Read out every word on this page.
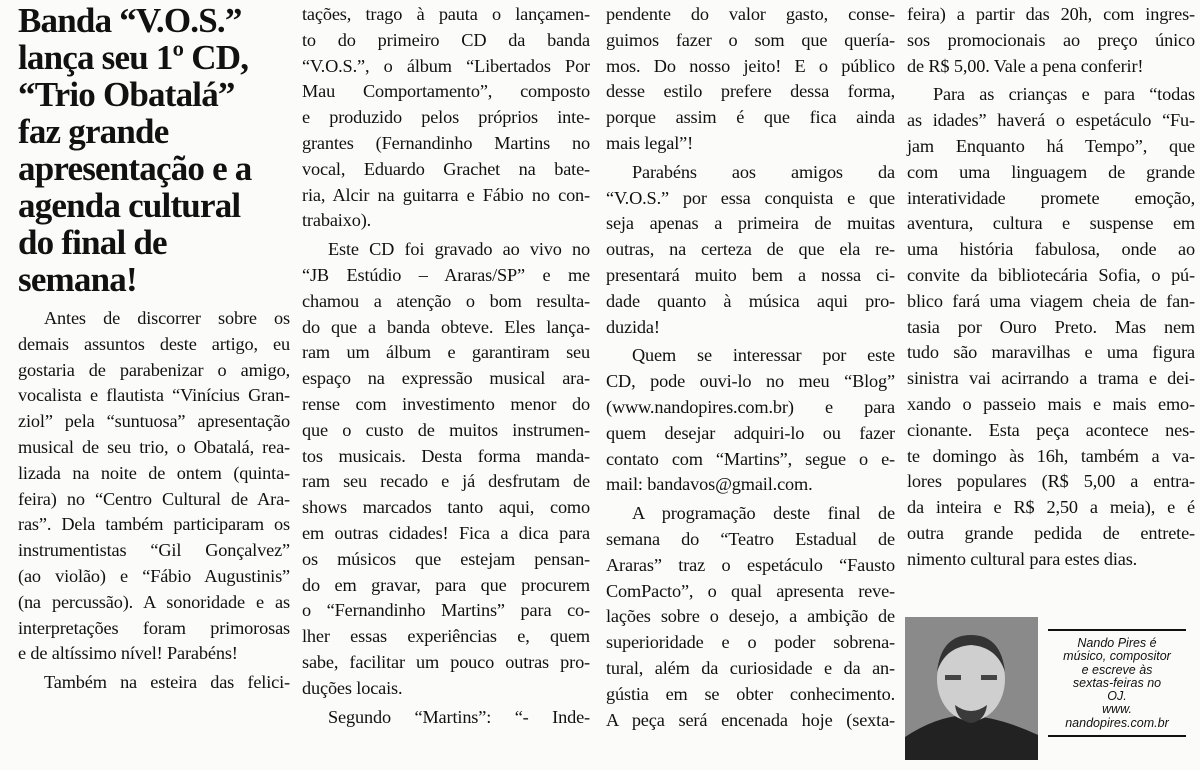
Banda “V.O.S.”
lança seu 1º CD,
“Trio Obatalá”
faz grande
apresentação e a
agenda cultural
do final de
semana!
Antes de discorrer sobre os
demais assuntos deste artigo, eu
gostaria de parabenizar o amigo,
vocalista e flautista “Vinícius Gran-
ziol” pela “suntuosa” apresentação
musical de seu trio, o Obatalá, rea-
lizada na noite de ontem (quinta-
feira) no “Centro Cultural de Ara-
ras”. Dela também participaram os
instrumentistas “Gil Gonçalvez”
(ao violão) e “Fábio Augustinis”
(na percussão). A sonoridade e as
interpretações foram primorosas
e de altíssimo nível! Parabéns!
Também na esteira das felici-
tações, trago à pauta o lançamen-
to do primeiro CD da banda
“V.O.S.”, o álbum “Libertados Por
Mau Comportamento”, composto
e produzido pelos próprios inte-
grantes (Fernandinho Martins no
vocal, Eduardo Grachet na bate-
ria, Alcir na guitarra e Fábio no con-
trabaixo).
Este CD foi gravado ao vivo no
“JB Estúdio – Araras/SP” e me
chamou a atenção o bom resulta-
do que a banda obteve. Eles lança-
ram um álbum e garantiram seu
espaço na expressão musical ara-
rense com investimento menor do
que o custo de muitos instrumen-
tos musicais. Desta forma manda-
ram seu recado e já desfrutam de
shows marcados tanto aqui, como
em outras cidades! Fica a dica para
os músicos que estejam pensan-
do em gravar, para que procurem
o “Fernandinho Martins” para co-
lher essas experiências e, quem
sabe, facilitar um pouco outras pro-
duções locais.
Segundo “Martins”: “- Inde-
pendente do valor gasto, conse-
guimos fazer o som que quería-
mos. Do nosso jeito! E o público
desse estilo prefere dessa forma,
porque assim é que fica ainda
mais legal”!
Parabéns aos amigos da
“V.O.S.” por essa conquista e que
seja apenas a primeira de muitas
outras, na certeza de que ela re-
presentará muito bem a nossa ci-
dade quanto à música aqui pro-
duzida!
Quem se interessar por este
CD, pode ouvi-lo no meu “Blog”
(www.nandopires.com.br) e para
quem desejar adquiri-lo ou fazer
contato com “Martins”, segue o e-
mail: bandavos@gmail.com.
A programação deste final de
semana do “Teatro Estadual de
Araras” traz o espetáculo “Fausto
ComPacto”, o qual apresenta reve-
lações sobre o desejo, a ambição de
superioridade e o poder sobrena-
tural, além da curiosidade e da an-
gústia em se obter conhecimento.
A peça será encenada hoje (sexta-
feira) a partir das 20h, com ingres-
sos promocionais ao preço único
de R$ 5,00. Vale a pena conferir!
Para as crianças e para “todas
as idades” haverá o espetáculo “Fu-
jam Enquanto há Tempo”, que
com uma linguagem de grande
interatividade promete emoção,
aventura, cultura e suspense em
uma história fabulosa, onde ao
convite da bibliotecária Sofia, o pú-
blico fará uma viagem cheia de fan-
tasia por Ouro Preto. Mas nem
tudo são maravilhas e uma figura
sinistra vai acirrando a trama e dei-
xando o passeio mais e mais emo-
cionante. Esta peça acontece nes-
te domingo às 16h, também a va-
lores populares (R$ 5,00 a entra-
da inteira e R$ 2,50 a meia), e é
outra grande pedida de entrete-
nimento cultural para estes dias.
Nando Pires é
músico, compositor
e escreve às
sextas-feiras no
OJ.
www.
nandopires.com.br
